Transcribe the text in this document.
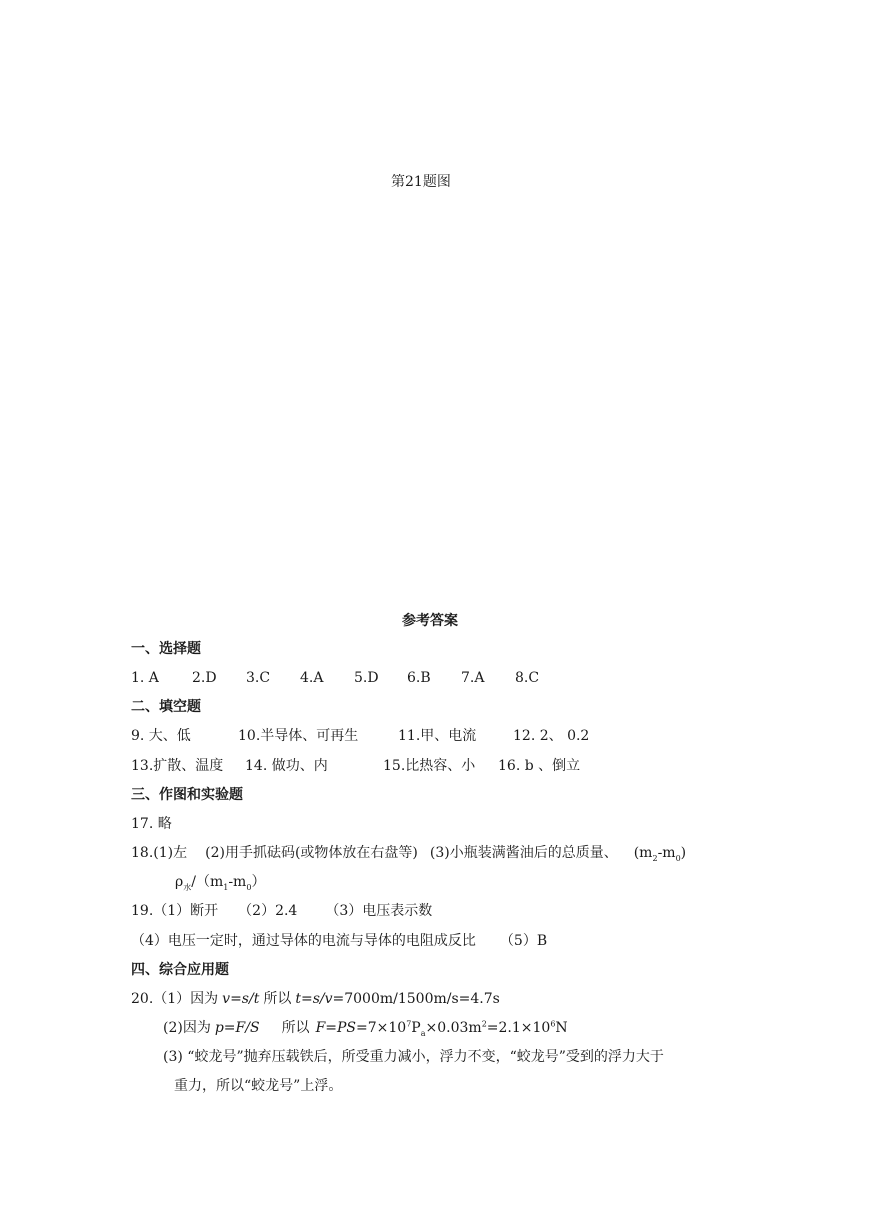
第21题图
参考答案
一、选择题
1. A 2.D 3.C 4.A 5.D 6.B 7.A 8.C
二、填空题
9. 大、低	10.半导体、可再生	11.甲、电流	12. 2、 0.2
13.扩散、温度 14. 做功、内	15.比热容、小 16. b 、倒立
三、作图和实验题
17. 略
18.(1)左 (2)用手抓砝码(或物体放在右盘等) (3)小瓶装满酱油后的总质量、 $(m_2-m_0)$
$\rho_水/(m_1-m_0)$
19.（1）断开 （2）2.4 （3）电压表示数
（4）电压一定时，通过导体的电流与导体的电阻成反比 （5）B
四、综合应用题
20.（1）因为 v=s/t 所以 t=s/v=7000m/1500m/s=4.7s
(2)因为 p=F/S 所以 $F=PS=7\times 10^7P_a\times 0.03m^2=2.1\times 10^6N$
(3) “蛟龙号”抛弃压载铁后，所受重力减小，浮力不变，“蛟龙号”受到的浮力大于
重力，所以“蛟龙号”上浮。
